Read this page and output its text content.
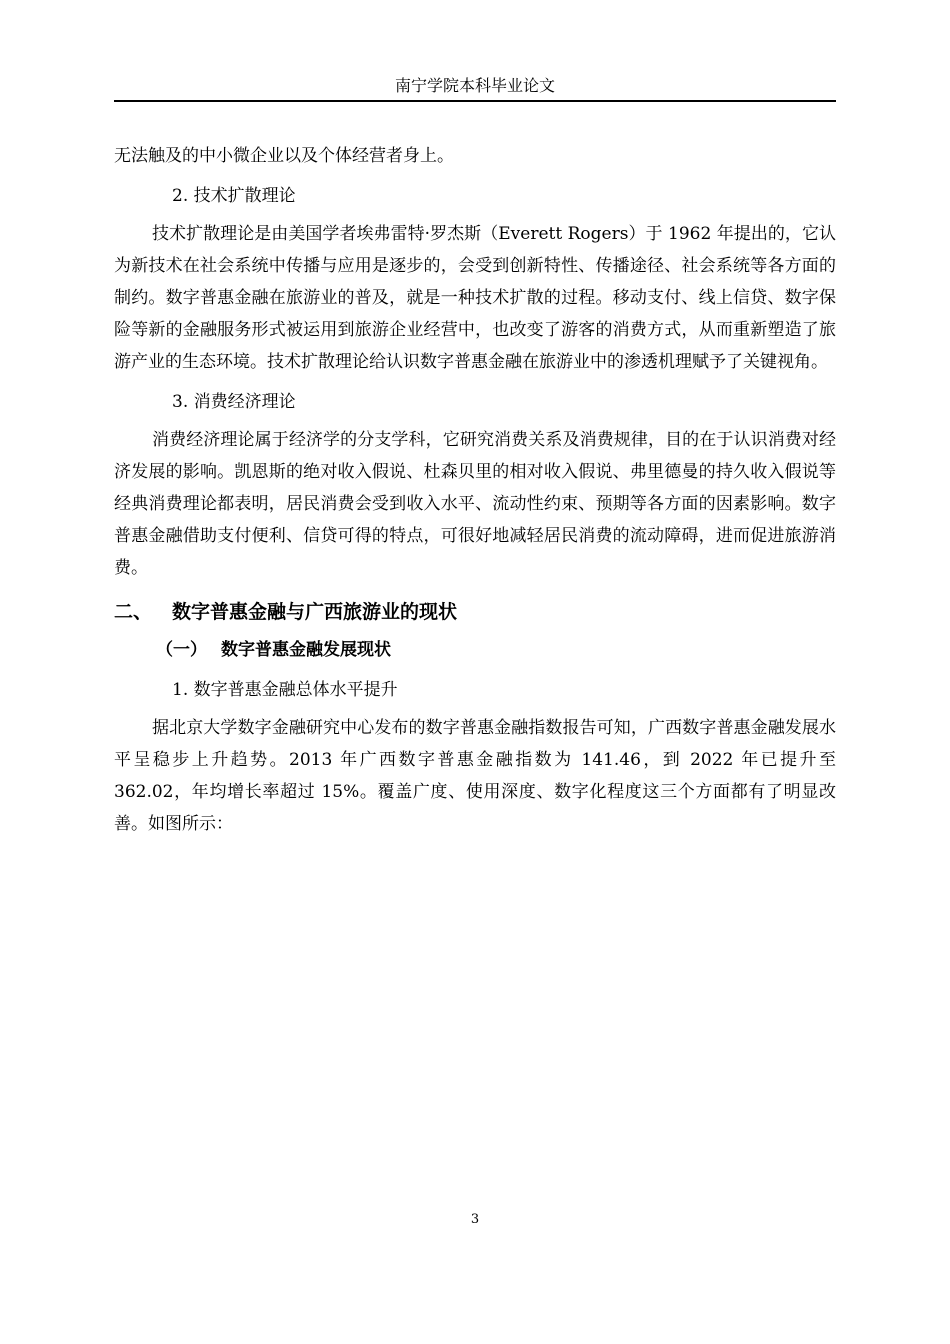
南宁学院本科毕业论文

无法触及的中小微企业以及个体经营者身上。

2. 技术扩散理论

技术扩散理论是由美国学者埃弗雷特·罗杰斯（Everett Rogers）于 1962 年提出的，它认为新技术在社会系统中传播与应用是逐步的，会受到创新特性、传播途径、社会系统等各方面的制约。数字普惠金融在旅游业的普及，就是一种技术扩散的过程。移动支付、线上信贷、数字保险等新的金融服务形式被运用到旅游企业经营中，也改变了游客的消费方式，从而重新塑造了旅游产业的生态环境。技术扩散理论给认识数字普惠金融在旅游业中的渗透机理赋予了关键视角。

3. 消费经济理论

消费经济理论属于经济学的分支学科，它研究消费关系及消费规律，目的在于认识消费对经济发展的影响。凯恩斯的绝对收入假说、杜森贝里的相对收入假说、弗里德曼的持久收入假说等经典消费理论都表明，居民消费会受到收入水平、流动性约束、预期等各方面的因素影响。数字普惠金融借助支付便利、信贷可得的特点，可很好地减轻居民消费的流动障碍，进而促进旅游消费。

二、 数字普惠金融与广西旅游业的现状
（一） 数字普惠金融发展现状
1. 数字普惠金融总体水平提升

据北京大学数字金融研究中心发布的数字普惠金融指数报告可知，广西数字普惠金融发展水平呈稳步上升趋势。2013 年广西数字普惠金融指数为 141.46，到 2022 年已提升至 362.02，年均增长率超过 15%。覆盖广度、使用深度、数字化程度这三个方面都有了明显改善。如图所示：

3
